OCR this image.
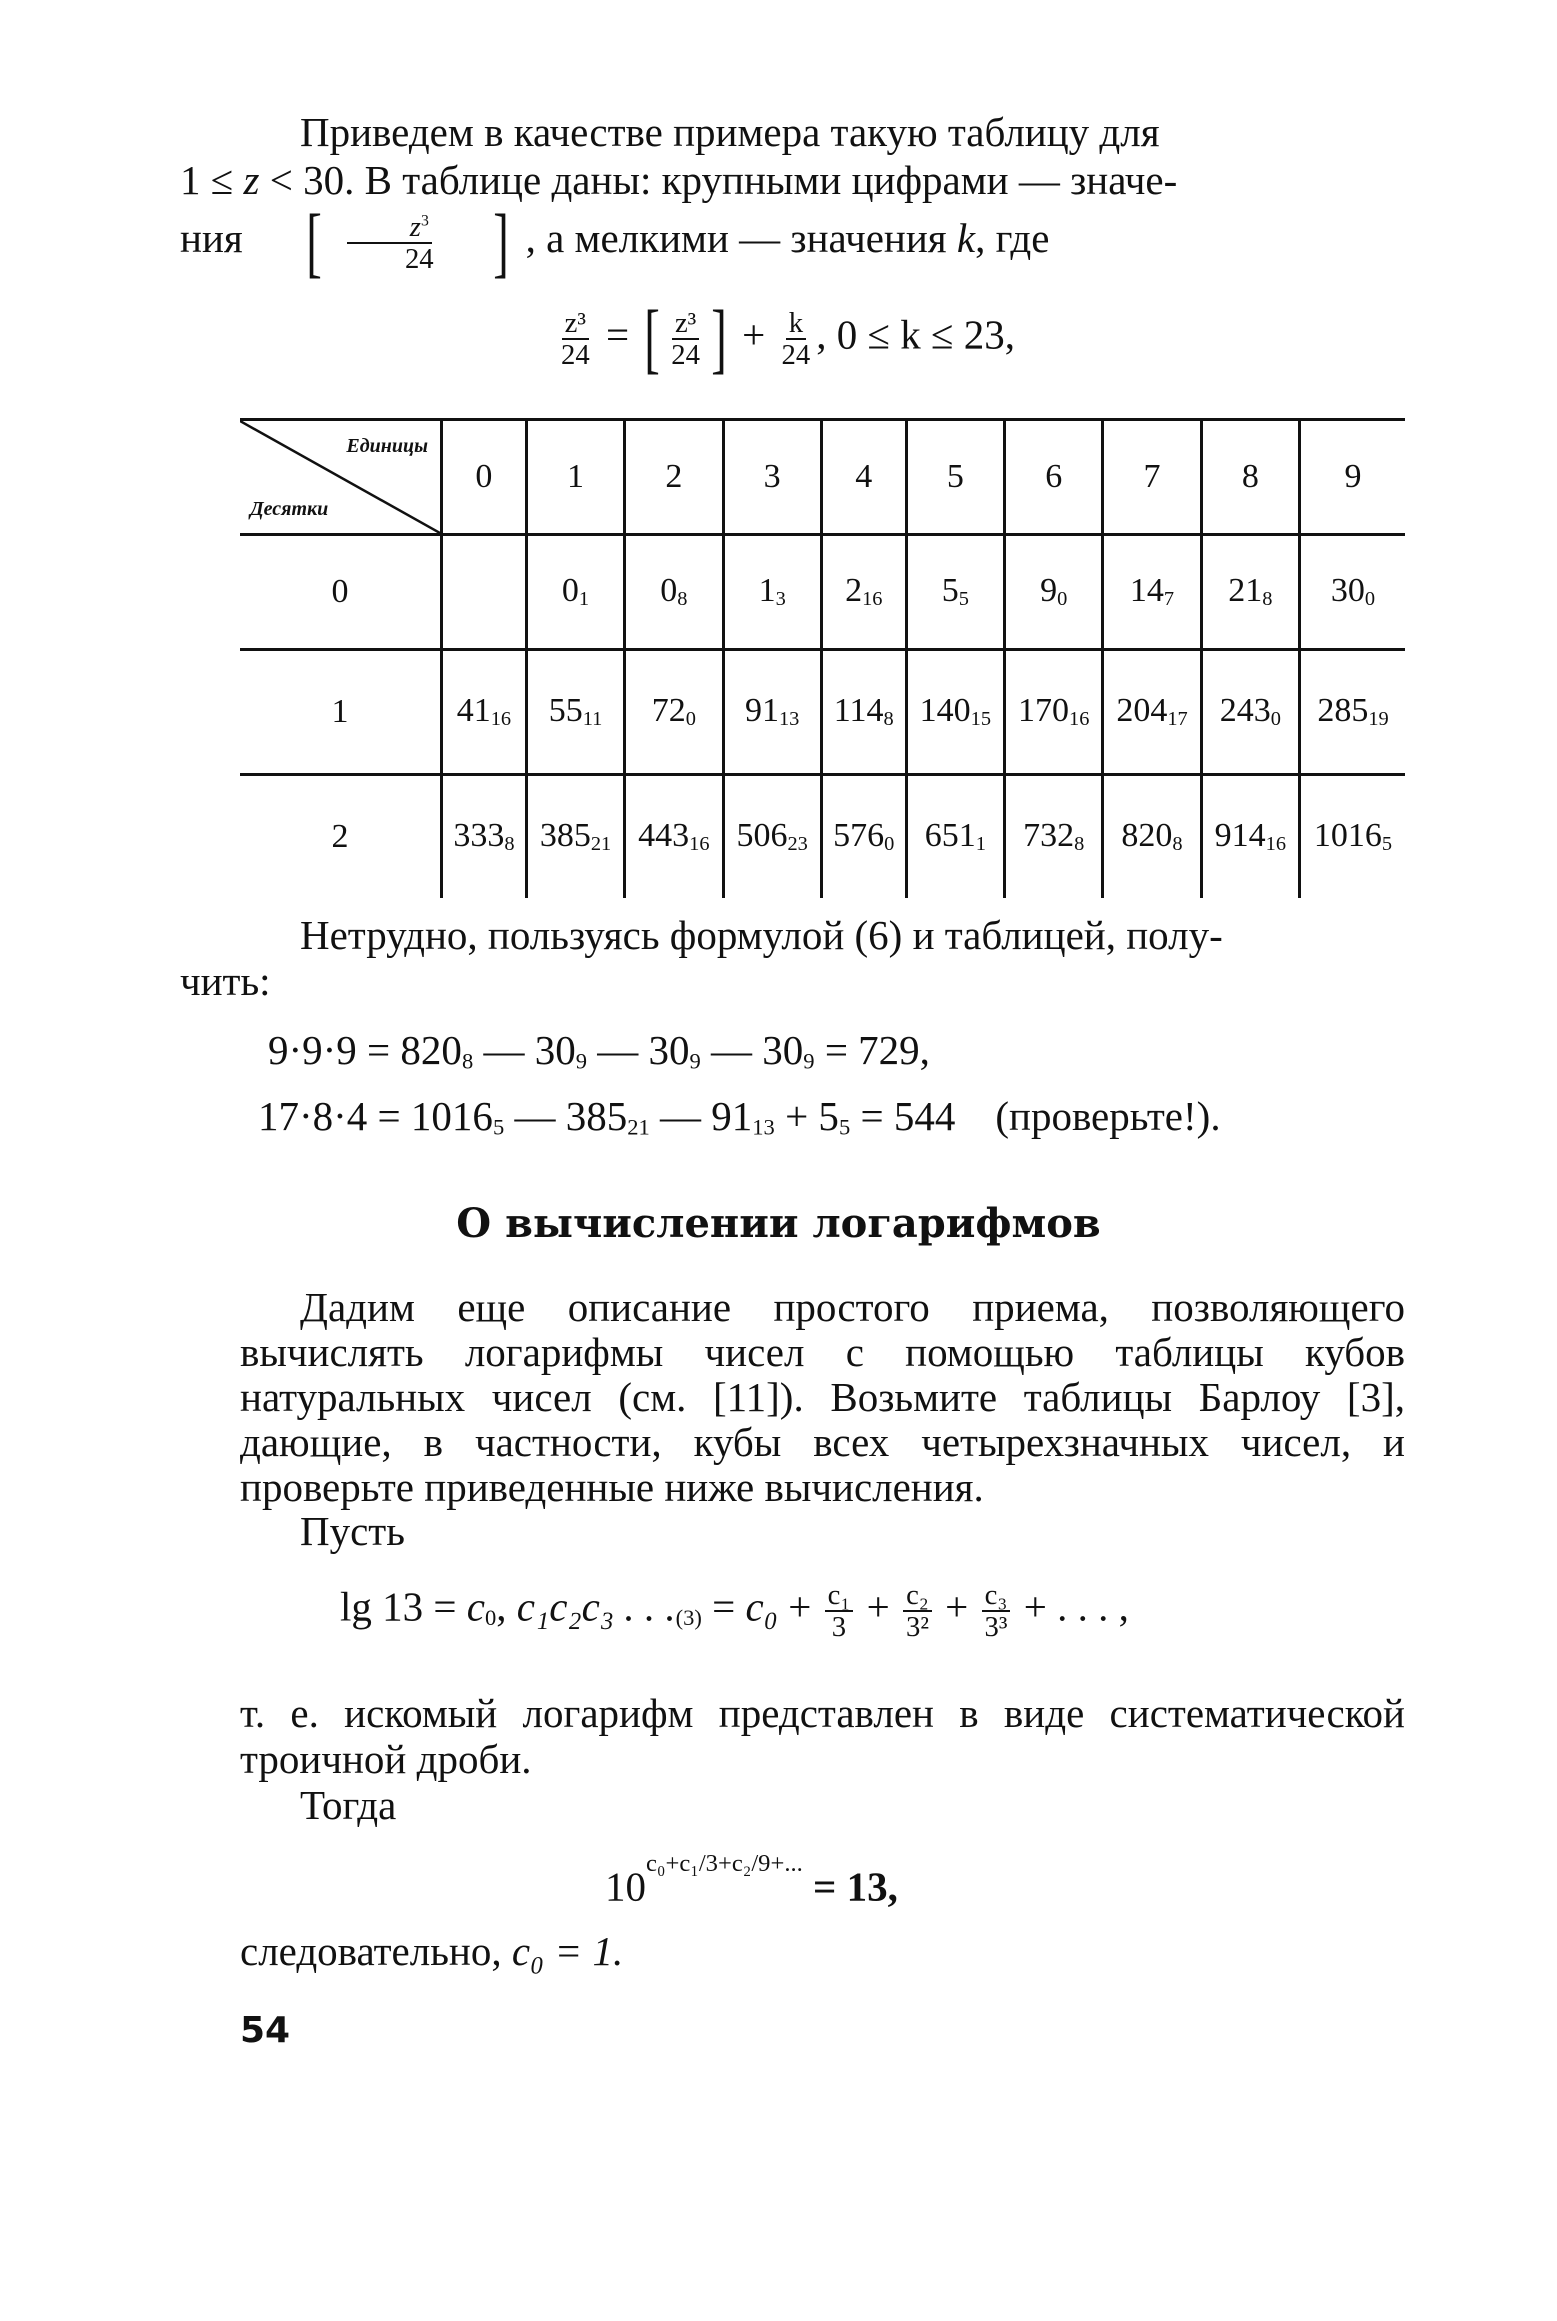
Приведем в качестве примера такую таблицу для
1 ≤ z < 30. В таблице даны: крупными цифрами — значе-
ния [ $\frac{z^3}{24}$ ] , а мелкими — значения k, где
$\frac{\text{z³}}{24}$ = [ $\frac{\text{z³}}{24}$ ] + $\frac{k}{24}$ , 0 ≤ k ≤ 23,
Единицы
Десятки	0	1	2	3	4	5	6	7	8	9
0		$0_1$	$0_8$	$1_3$	$2_{16}$	$5_5$	$9_0$	$14_7$	$21_8$	$30_0$
1	$41_{16}$	$55_{11}$	$72_0$	$91_{13}$	$114_8$	$140_{15}$	$170_{16}$	$204_{17}$	$243_0$	$285_{19}$
2	$333_8$	$385_{21}$	$443_{16}$	$506_{23}$	$576_0$	$651_1$	$732_8$	$820_8$	$914_{16}$	$1016_5$
Нетрудно, пользуясь формулой (6) и таблицей, полу-
чить:
$9\cdot 9\cdot 9 = 820_8$ — $30_9$ — $30_9$ — $30_9 = 729$,
$17\cdot 8\cdot 4 = 1016_5$ — $385_{21}$ — $91_{13} + 5_5 = 544$ (проверьте!).
О вычислении логарифмов
Дадим еще описание простого приема, позволяющего вычислять логарифмы чисел с помощью таблицы кубов натуральных чисел (см. [11]). Возьмите таблицы Барлоу [3], дающие, в частности, кубы всех четырехзначных чисел, и проверьте приведенные ниже вычисления.
Пусть
$\lg 13 = c_0$, c₁c₂c₃ . . $._{(3)} = c_0 + \frac{\text{c₁}}{3} + \frac{\text{c₂}}{\text{3²}} + \frac{\text{c₃}}{\text{3³}}$ + . . . ,
т. е. искомый логарифм представлен в виде систематической троичной дроби.
Тогда
$10^{c_0+c_1/3+c_2/9+...} = 13$,
следовательно, c₀ = 1.
54
